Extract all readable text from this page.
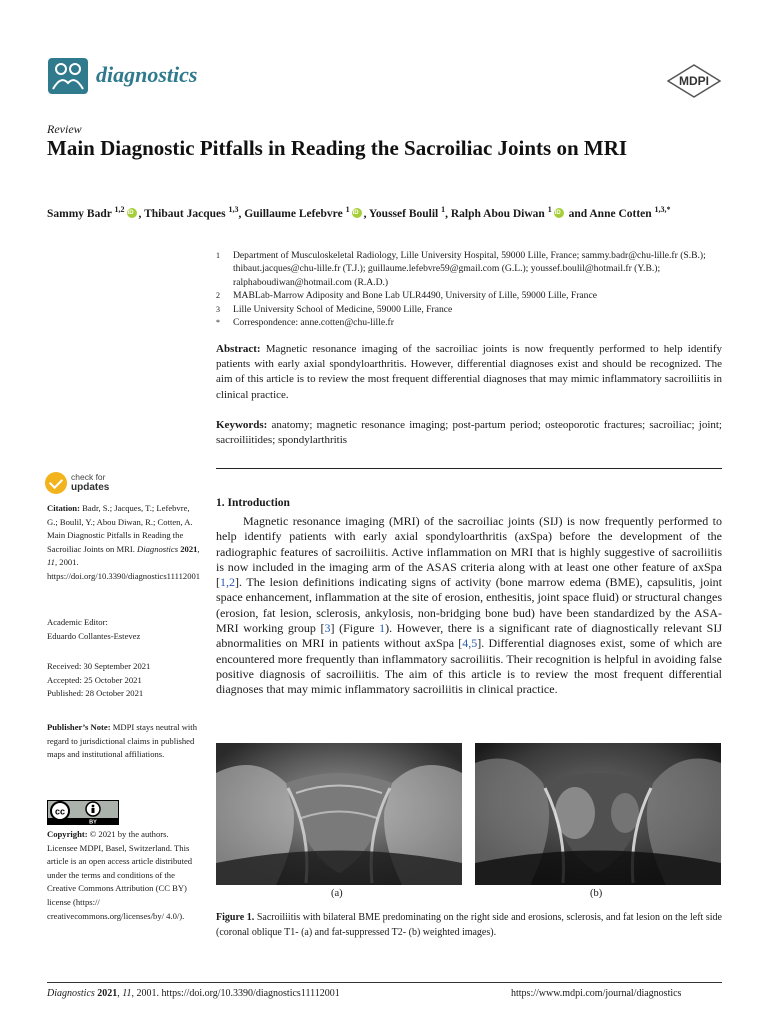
diagnostics	MDPI
Review
Main Diagnostic Pitfalls in Reading the Sacroiliac Joints on MRI
Sammy Badr $^{1,2}$ iD , Thibaut Jacques $^{1,3}$, Guillaume Lefebvre $^1$ iD , Youssef Boulil $^1$, Ralph Abou Diwan $^1$ iD and Anne Cotten $^{1,3,*}$
1	Department of Musculoskeletal Radiology, Lille University Hospital, 59000 Lille, France; sammy.badr@chu-lille.fr (S.B.); thibaut.jacques@chu-lille.fr (T.J.); guillaume.lefebvre59@gmail.com (G.L.); youssef.boulil@hotmail.fr (Y.B.); ralphaboudiwan@hotmail.com (R.A.D.)
2	MABLab-Marrow Adiposity and Bone Lab ULR4490, University of Lille, 59000 Lille, France
3	Lille University School of Medicine, 59000 Lille, France
*	Correspondence: anne.cotten@chu-lille.fr
Abstract: Magnetic resonance imaging of the sacroiliac joints is now frequently performed to help identify patients with early axial spondyloarthritis. However, differential diagnoses exist and should be recognized. The aim of this article is to review the most frequent differential diagnoses that may mimic inflammatory sacroiliitis in clinical practice.
Keywords: anatomy; magnetic resonance imaging; post-partum period; osteoporotic fractures; sacroiliac; joint; sacroiliitides; spondylarthritis
check for
updates
Citation: Badr, S.; Jacques, T.; Lefebvre, G.; Boulil, Y.; Abou Diwan, R.; Cotten, A. Main Diagnostic Pitfalls in Reading the Sacroiliac Joints on MRI. Diagnostics 2021, 11, 2001. https://doi.org/10.3390/diagnostics11112001
Academic Editor:
Eduardo Collantes-Estevez
Received: 30 September 2021
Accepted: 25 October 2021
Published: 28 October 2021
Publisher’s Note: MDPI stays neutral with regard to jurisdictional claims in published maps and institutional affiliations.
cc
BY
Copyright: © 2021 by the authors. Licensee MDPI, Basel, Switzerland. This article is an open access article distributed under the terms and conditions of the Creative Commons Attribution (CC BY) license (https:// creativecommons.org/licenses/by/ 4.0/).
1. Introduction
Magnetic resonance imaging (MRI) of the sacroiliac joints (SIJ) is now frequently performed to help identify patients with early axial spondyloarthritis (axSpa) before the development of the radiographic features of sacroiliitis. Active inflammation on MRI that is highly suggestive of sacroiliitis is now included in the imaging arm of the ASAS criteria along with at least one other feature of axSpa [1,2]. The lesion definitions indicating signs of activity (bone marrow edema (BME), capsulitis, joint space enhancement, inflammation at the site of erosion, enthesitis, joint space fluid) or structural changes (erosion, fat lesion, sclerosis, ankylosis, non-bridging bone bud) have been standardized by the ASA-MRI working group [3] (Figure 1). However, there is a significant rate of diagnostically relevant SIJ abnormalities on MRI in patients without axSpa [4,5]. Differential diagnoses exist, some of which are encountered more frequently than inflammatory sacroiliitis. Their recognition is helpful in avoiding false positive diagnosis of sacroiliitis. The aim of this article is to review the most frequent differential diagnoses that may mimic inflammatory sacroiliitis in clinical practice.
(a)	(b)
Figure 1. Sacroiliitis with bilateral BME predominating on the right side and erosions, sclerosis, and fat lesion on the left side (coronal oblique T1- (a) and fat-suppressed T2- (b) weighted images).
Diagnostics 2021, 11, 2001. https://doi.org/10.3390/diagnostics11112001	https://www.mdpi.com/journal/diagnostics
